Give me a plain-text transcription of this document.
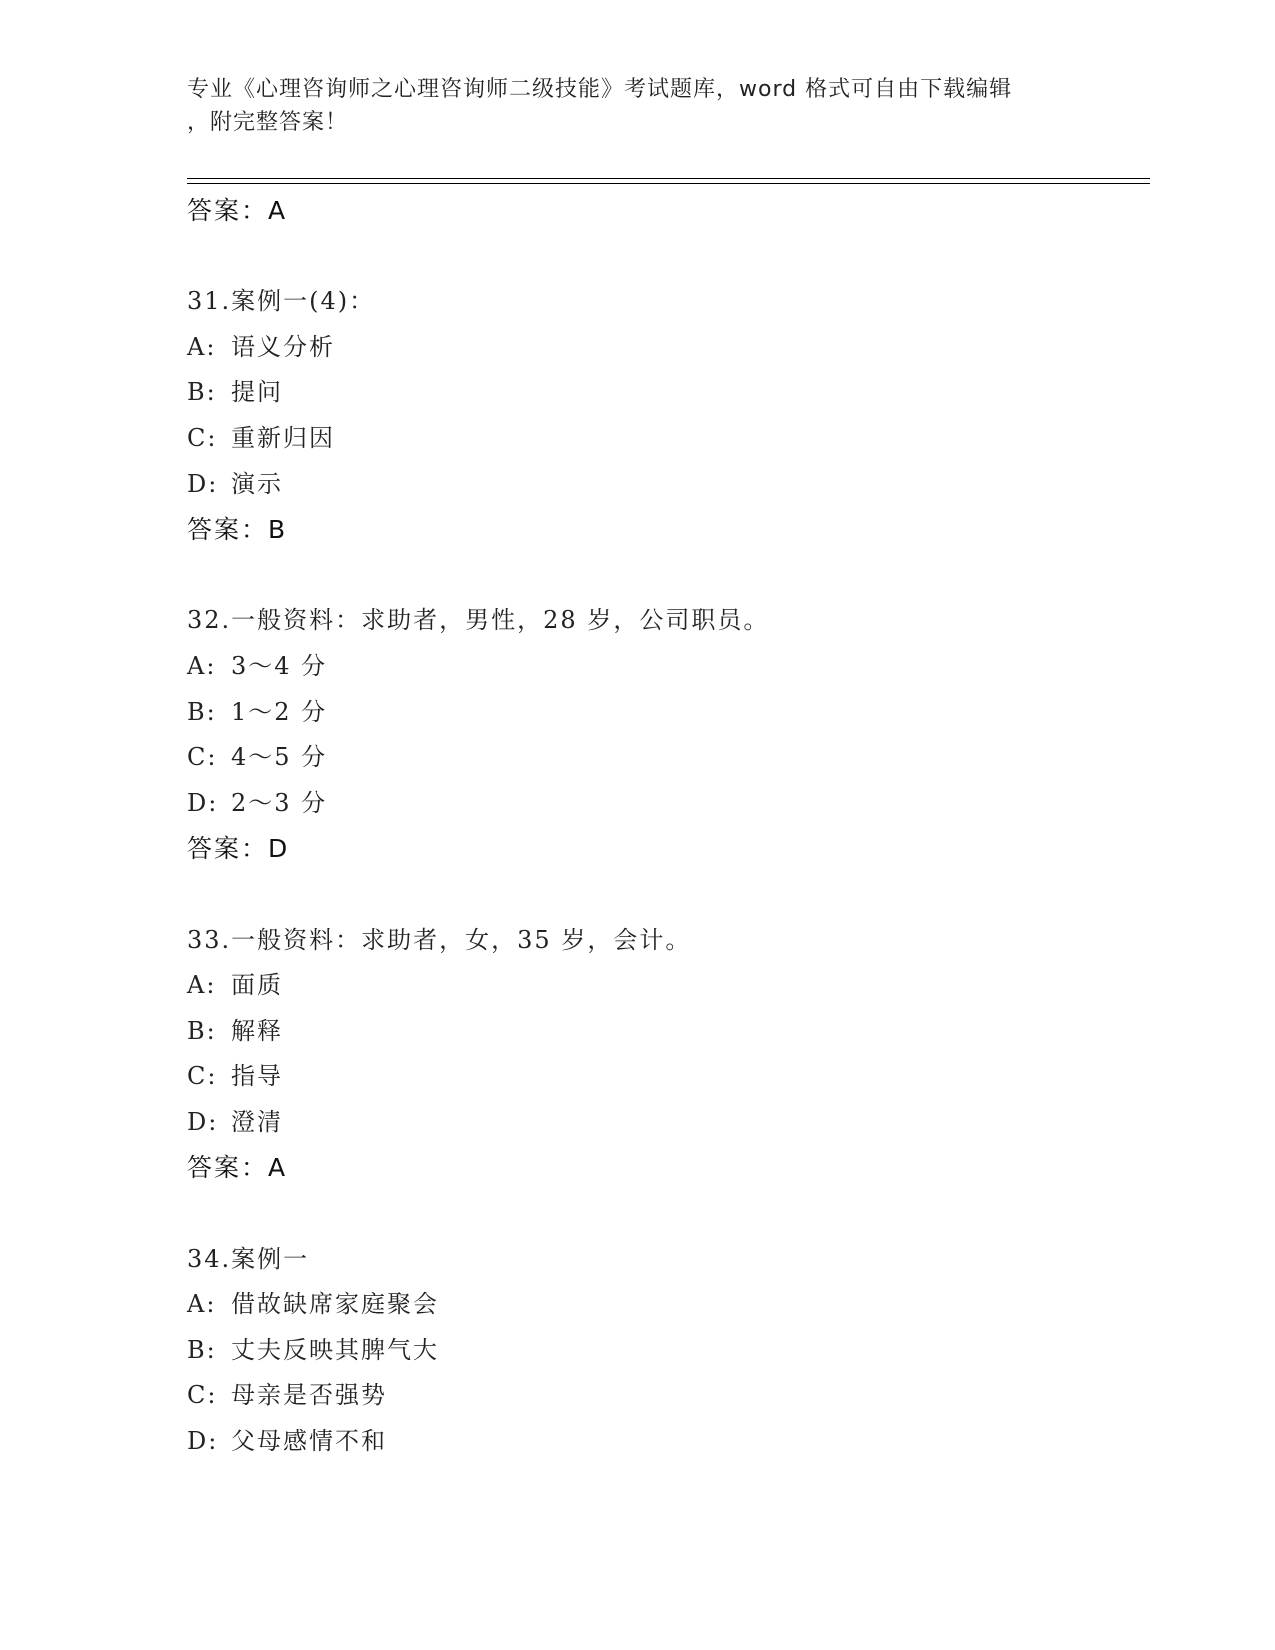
专业《心理咨询师之心理咨询师二级技能》考试题库，word 格式可自由下载编辑
，附完整答案！
答案：A
31.案例一(4)：
A: 语义分析
B: 提问
C: 重新归因
D: 演示
答案：B
32.一般资料：求助者，男性，28 岁，公司职员。
A: 3～4 分
B: 1～2 分
C: 4～5 分
D: 2～3 分
答案：D
33.一般资料：求助者，女，35 岁，会计。
A: 面质
B: 解释
C: 指导
D: 澄清
答案：A
34.案例一
A: 借故缺席家庭聚会
B: 丈夫反映其脾气大
C: 母亲是否强势
D: 父母感情不和
